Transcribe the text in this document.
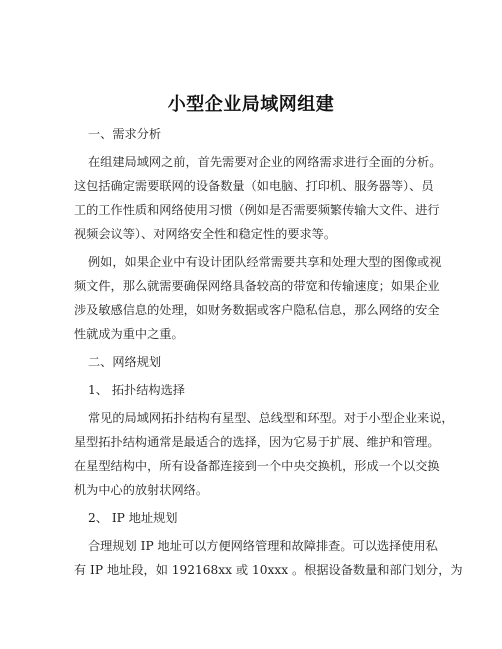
小型企业局域网组建
一、需求分析
在组建局域网之前，首先需要对企业的网络需求进行全面的分析。
这包括确定需要联网的设备数量（如电脑、打印机、服务器等）、员
工的工作性质和网络使用习惯（例如是否需要频繁传输大文件、进行
视频会议等）、对网络安全性和稳定性的要求等。
例如，如果企业中有设计团队经常需要共享和处理大型的图像或视
频文件，那么就需要确保网络具备较高的带宽和传输速度；如果企业
涉及敏感信息的处理，如财务数据或客户隐私信息，那么网络的安全
性就成为重中之重。
二、网络规划
1、 拓扑结构选择
常见的局域网拓扑结构有星型、总线型和环型。对于小型企业来说，
星型拓扑结构通常是最适合的选择，因为它易于扩展、维护和管理。
在星型结构中，所有设备都连接到一个中央交换机，形成一个以交换
机为中心的放射状网络。
2、 IP 地址规划
合理规划 IP 地址可以方便网络管理和故障排查。可以选择使用私
有 IP 地址段，如 192168xx 或 10xxx 。根据设备数量和部门划分，为
